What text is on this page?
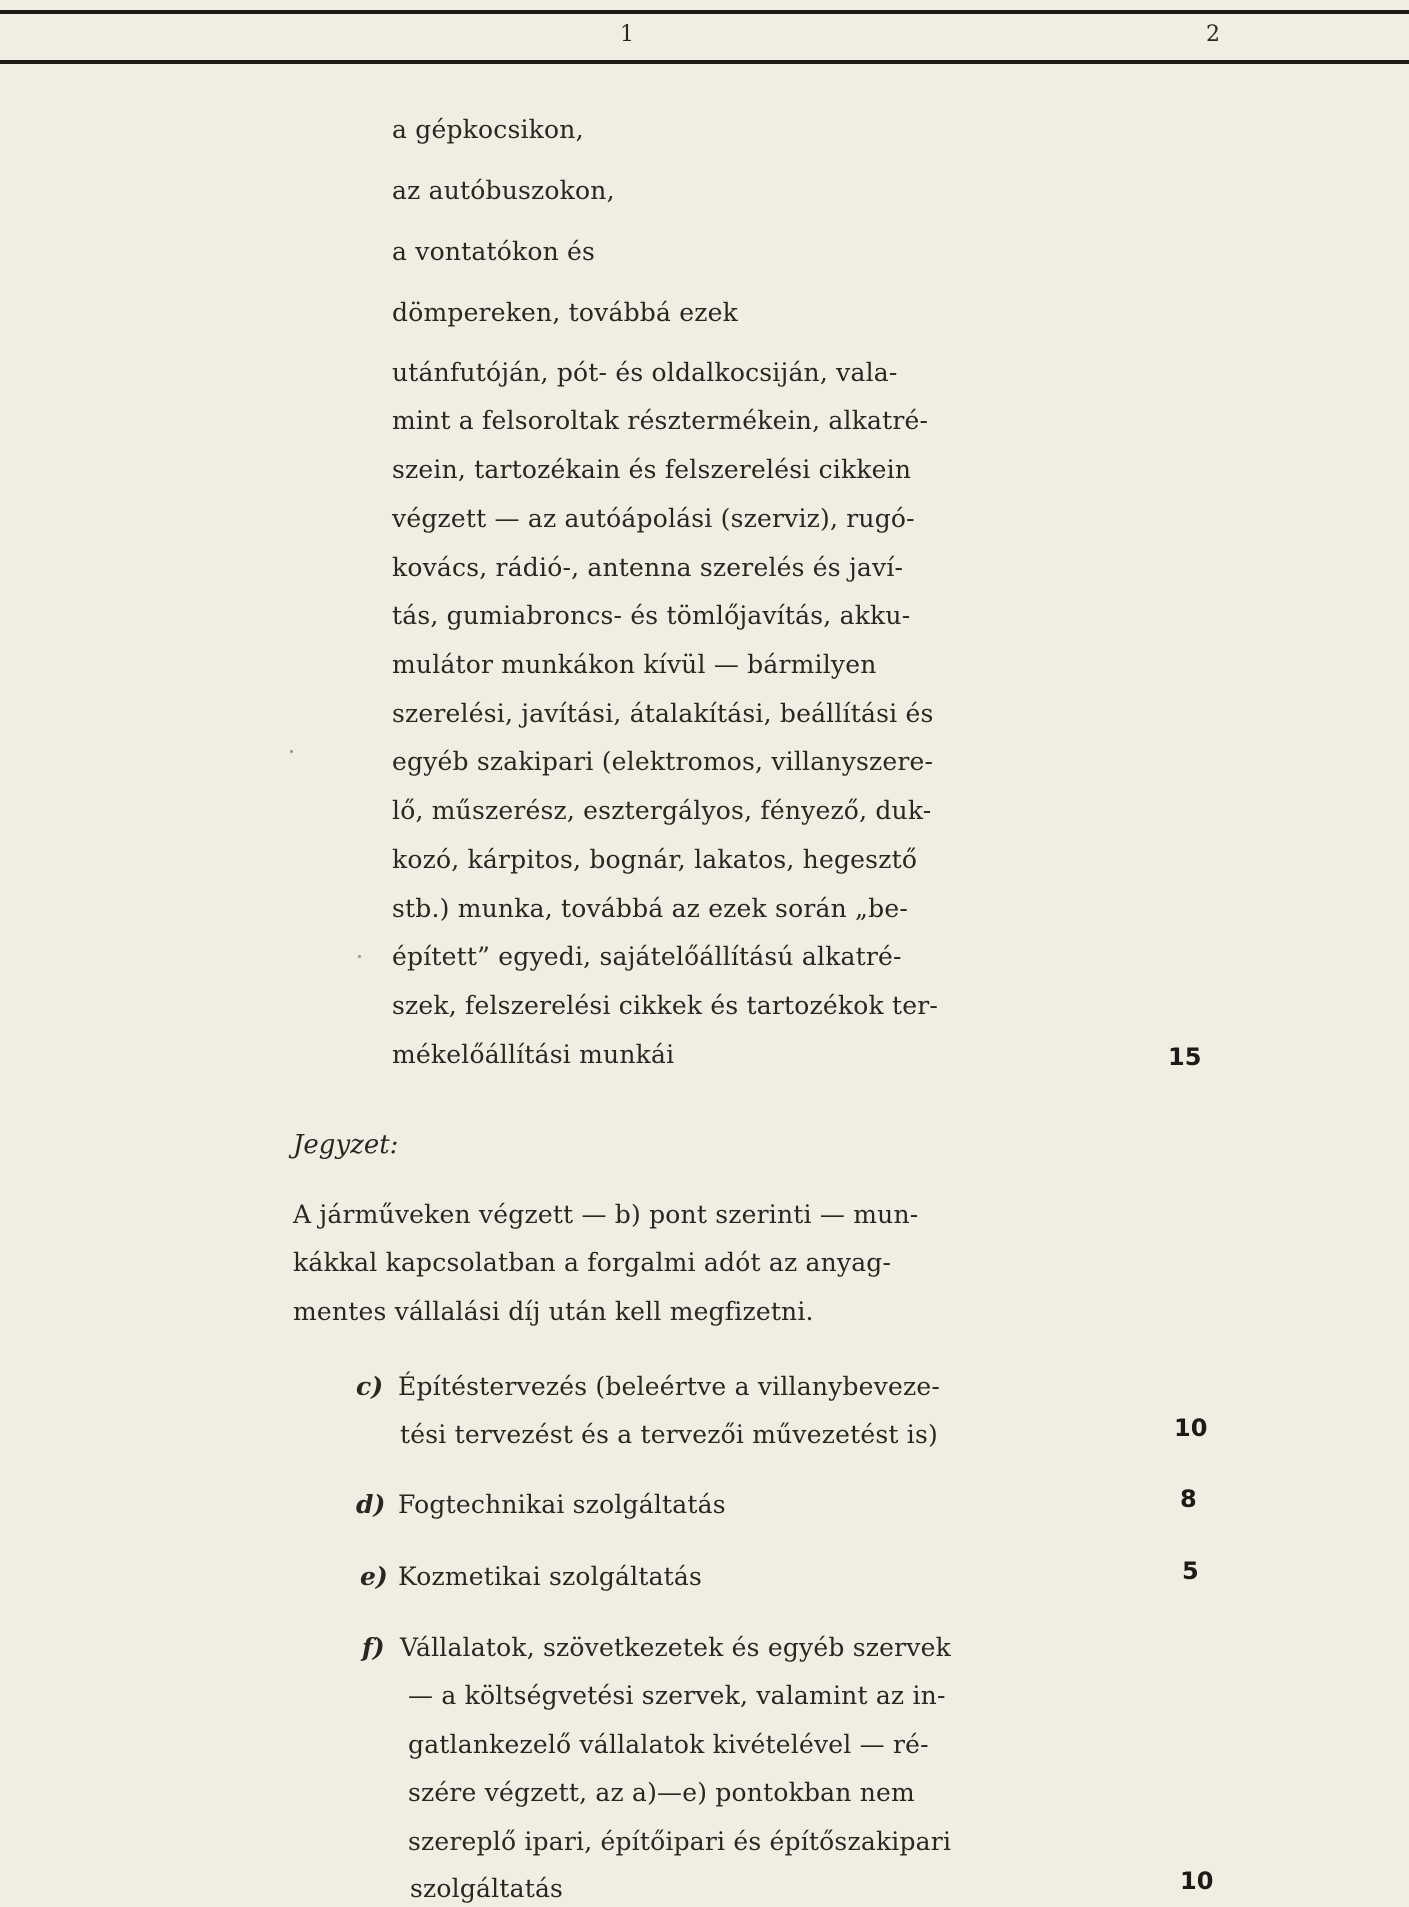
1	2
a gépkocsikon,
az autóbuszokon,
a vontatókon és
dömpereken, továbbá ezek
utánfutóján, pót- és oldalkocsiján, vala-
mint a felsoroltak résztermékein, alkatré-
szein, tartozékain és felszerelési cikkein
végzett — az autóápolási (szerviz), rugó-
kovács, rádió-, antenna szerelés és javí-
tás, gumiabroncs- és tömlőjavítás, akku-
mulátor munkákon kívül — bármilyen
szerelési, javítási, átalakítási, beállítási és
egyéb szakipari (elektromos, villanyszere-
lő, műszerész, esztergályos, fényező, duk-
kozó, kárpitos, bognár, lakatos, hegesztő
stb.) munka, továbbá az ezek során „be-
épített” egyedi, sajátelőállítású alkatré-
szek, felszerelési cikkek és tartozékok ter-
mékelőállítási munkái	15
Jegyzet:
A járműveken végzett — b) pont szerinti — mun-
kákkal kapcsolatban a forgalmi adót az anyag-
mentes vállalási díj után kell megfizetni.
c) Építéstervezés (beleértve a villanybeveze-
tési tervezést és a tervezői művezetést is)	10
d) Fogtechnikai szolgáltatás	8
e) Kozmetikai szolgáltatás	5
f) Vállalatok, szövetkezetek és egyéb szervek
— a költségvetési szervek, valamint az in-
gatlankezelő vállalatok kivételével — ré-
szére végzett, az a)—e) pontokban nem
szereplő ipari, építőipari és építőszakipari
szolgáltatás	10
